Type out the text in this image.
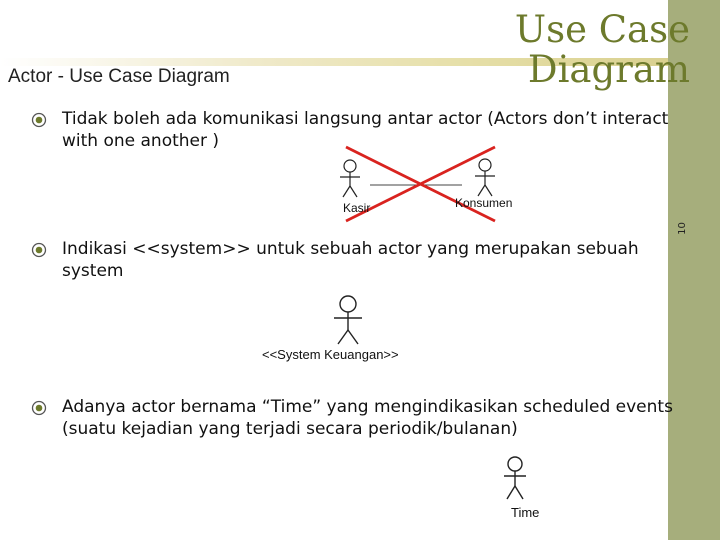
10
Actor - Use Case Diagram
Use Case
Diagram
Tidak boleh ada komunikasi langsung antar actor (Actors don’t interact
with one another )
Indikasi <<system>> untuk sebuah actor yang merupakan sebuah
system
Adanya actor bernama “Time” yang mengindikasikan scheduled events
(suatu kejadian yang terjadi secara periodik/bulanan)
Kasir	Konsumen
<<System Keuangan>>
Time
